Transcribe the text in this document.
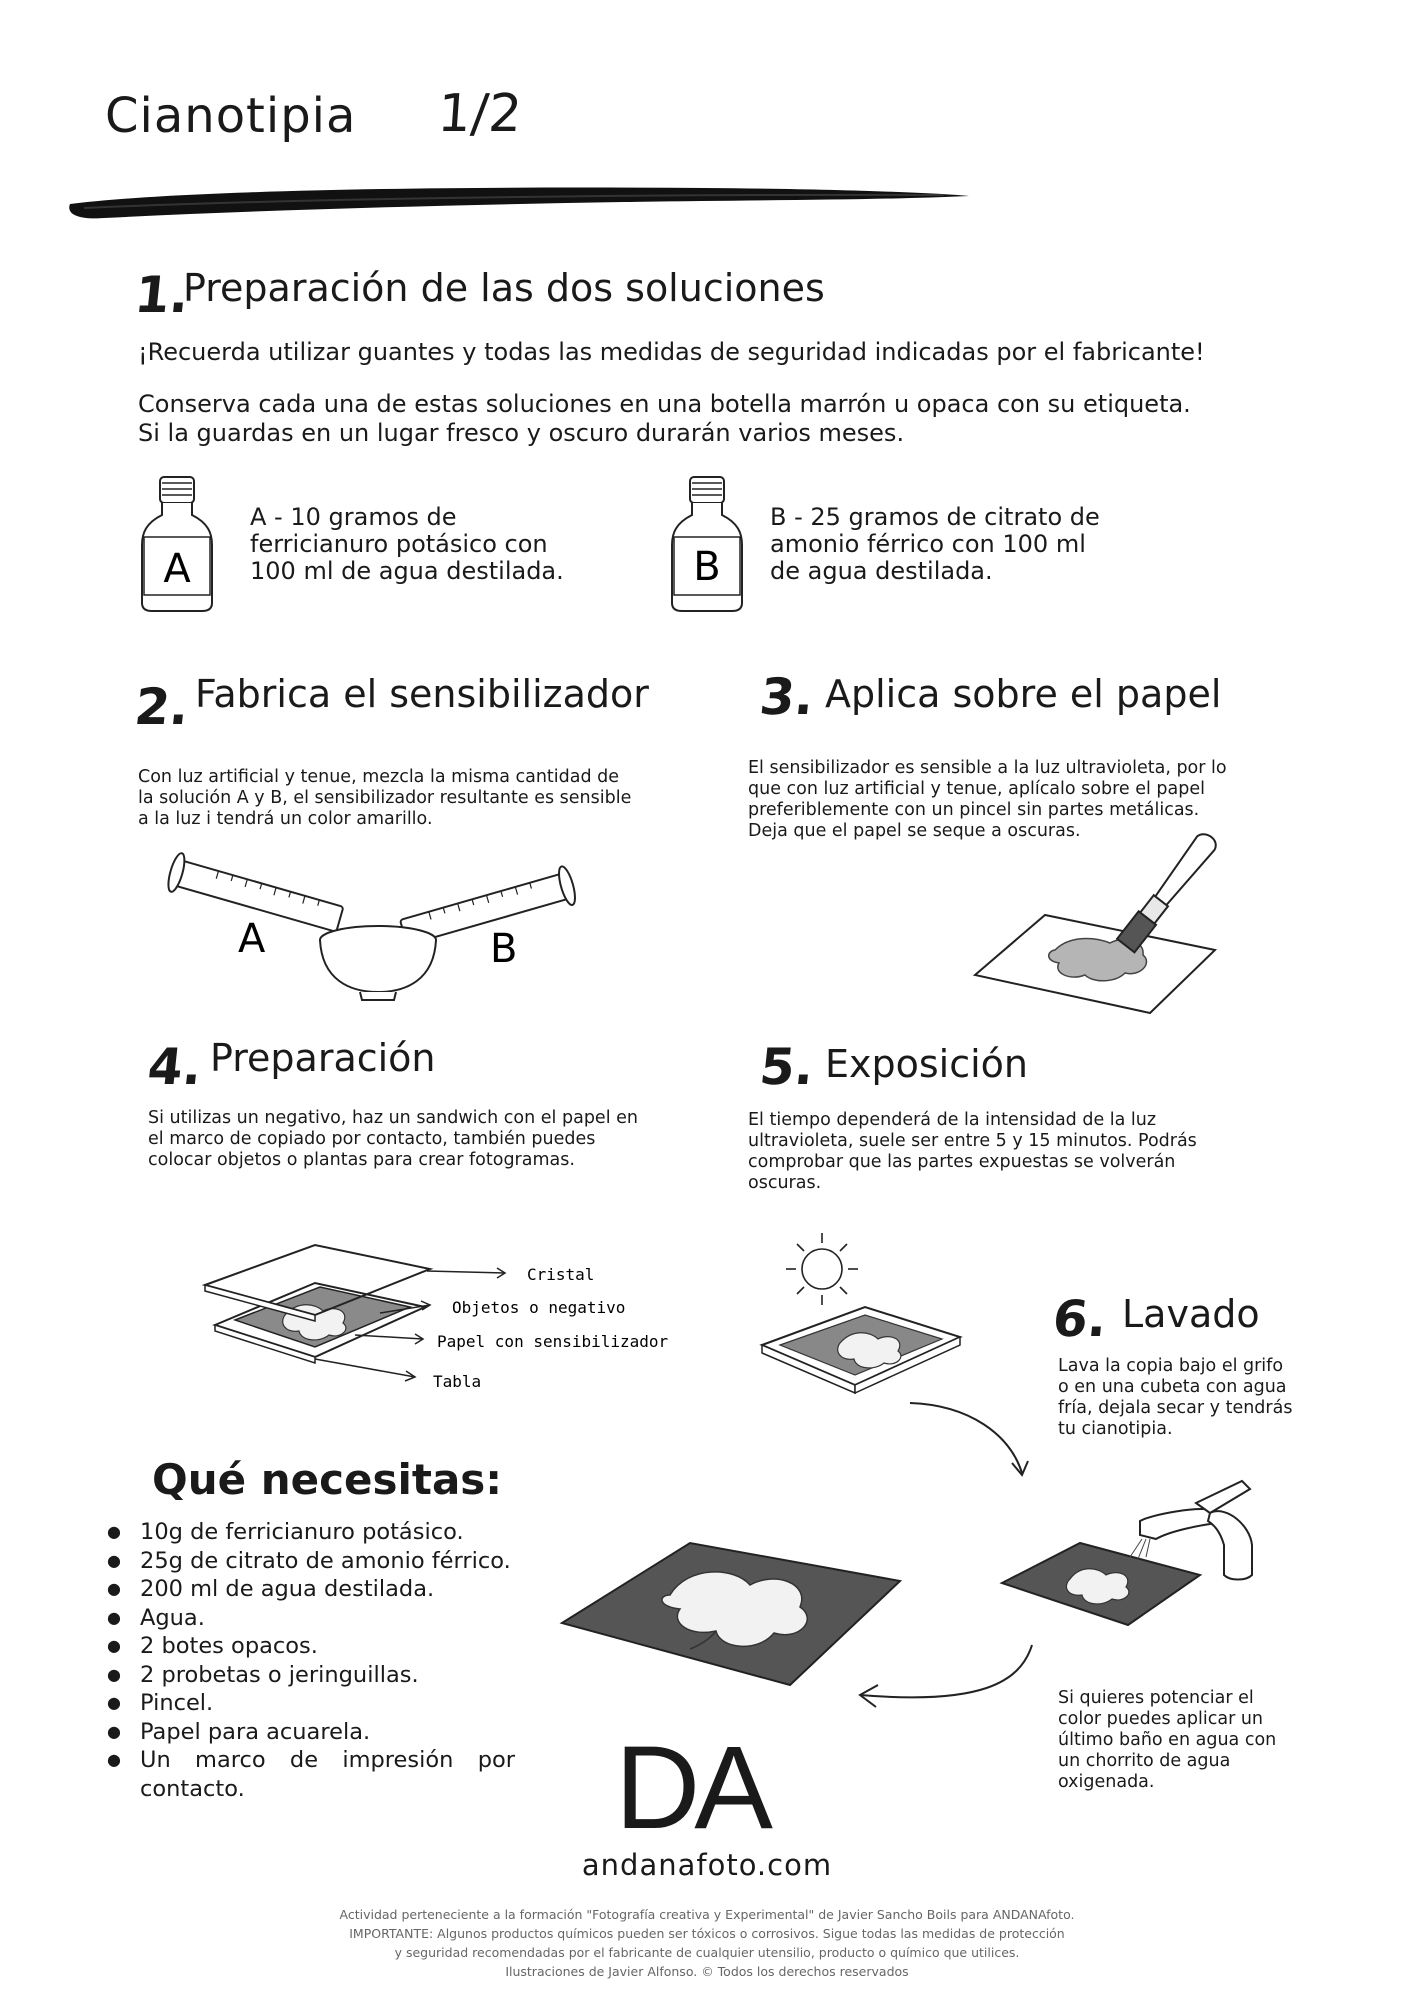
Cianotipia 1/2
1.
Preparación de las dos soluciones
¡Recuerda utilizar guantes y todas las medidas de seguridad indicadas por el fabricante!
Conserva cada una de estas soluciones en una botella marrón u opaca con su etiqueta.
Si la guardas en un lugar fresco y oscuro durarán varios meses.
A
A - 10 gramos de
ferricianuro potásico con
100 ml de agua destilada.	B
B - 25 gramos de citrato de
amonio férrico con 100 ml
de agua destilada.
2. Fabrica el sensibilizador
Con luz artificial y tenue, mezcla la misma cantidad de
la solución A y B, el sensibilizador resultante es sensible
a la luz i tendrá un color amarillo.
A	B
3. Aplica sobre el papel
El sensibilizador es sensible a la luz ultravioleta, por lo
que con luz artificial y tenue, aplícalo sobre el papel
preferiblemente con un pincel sin partes metálicas.
Deja que el papel se seque a oscuras.
4. Preparación
Si utilizas un negativo, haz un sandwich con el papel en
el marco de copiado por contacto, también puedes
colocar objetos o plantas para crear fotogramas.
Cristal
Objetos o negativo
Papel con sensibilizador
Tabla
5. Exposición
El tiempo dependerá de la intensidad de la luz
ultravioleta, suele ser entre 5 y 15 minutos. Podrás
comprobar que las partes expuestas se volverán
oscuras.
6. Lavado
Lava la copia bajo el grifo
o en una cubeta con agua
fría, dejala secar y tendrás
tu cianotipia.
Si quieres potenciar el
color puedes aplicar un
último baño en agua con
un chorrito de agua
oxigenada.
Qué necesitas:
● 10g de ferricianuro potásico.
● 25g de citrato de amonio férrico.
● 200 ml de agua destilada.
● Agua.
● 2 botes opacos.
● 2 probetas o jeringuillas.
● Pincel.
● Papel para acuarela.
● Un marco de impresión por contacto.	DA
andanafoto.com
Actividad perteneciente a la formación "Fotografía creativa y Experimental" de Javier Sancho Boils para ANDANAfoto.
IMPORTANTE: Algunos productos químicos pueden ser tóxicos o corrosivos. Sigue todas las medidas de protección
y seguridad recomendadas por el fabricante de cualquier utensilio, producto o químico que utilices.
Ilustraciones de Javier Alfonso. © Todos los derechos reservados
